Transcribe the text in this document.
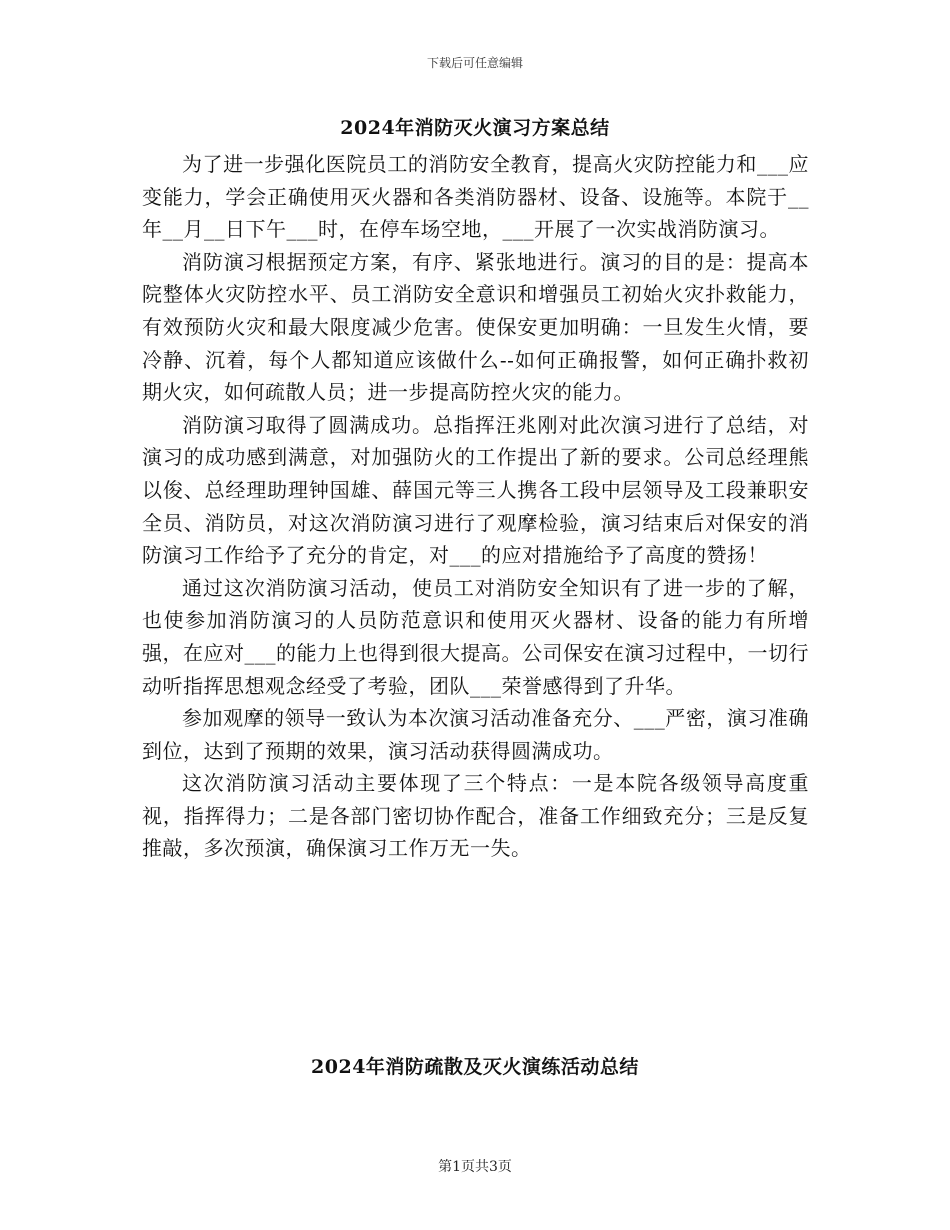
下载后可任意编辑
2024年消防灭火演习方案总结

为了进一步强化医院员工的消防安全教育，提高火灾防控能力和___应变能力，学会正确使用灭火器和各类消防器材、设备、设施等。本院于__年__月__日下午___时，在停车场空地，___开展了一次实战消防演习。

消防演习根据预定方案，有序、紧张地进行。演习的目的是：提高本院整体火灾防控水平、员工消防安全意识和增强员工初始火灾扑救能力，有效预防火灾和最大限度减少危害。使保安更加明确：一旦发生火情，要冷静、沉着，每个人都知道应该做什么--如何正确报警，如何正确扑救初期火灾，如何疏散人员；进一步提高防控火灾的能力。

消防演习取得了圆满成功。总指挥汪兆刚对此次演习进行了总结，对演习的成功感到满意，对加强防火的工作提出了新的要求。公司总经理熊以俊、总经理助理钟国雄、薛国元等三人携各工段中层领导及工段兼职安全员、消防员，对这次消防演习进行了观摩检验，演习结束后对保安的消防演习工作给予了充分的肯定，对___的应对措施给予了高度的赞扬！

通过这次消防演习活动，使员工对消防安全知识有了进一步的了解，也使参加消防演习的人员防范意识和使用灭火器材、设备的能力有所增强，在应对___的能力上也得到很大提高。公司保安在演习过程中，一切行动听指挥思想观念经受了考验，团队___荣誉感得到了升华。

参加观摩的领导一致认为本次演习活动准备充分、___严密，演习准确到位，达到了预期的效果，演习活动获得圆满成功。

这次消防演习活动主要体现了三个特点：一是本院各级领导高度重视，指挥得力；二是各部门密切协作配合，准备工作细致充分；三是反复推敲，多次预演，确保演习工作万无一失。

2024年消防疏散及灭火演练活动总结
第1页共3页
